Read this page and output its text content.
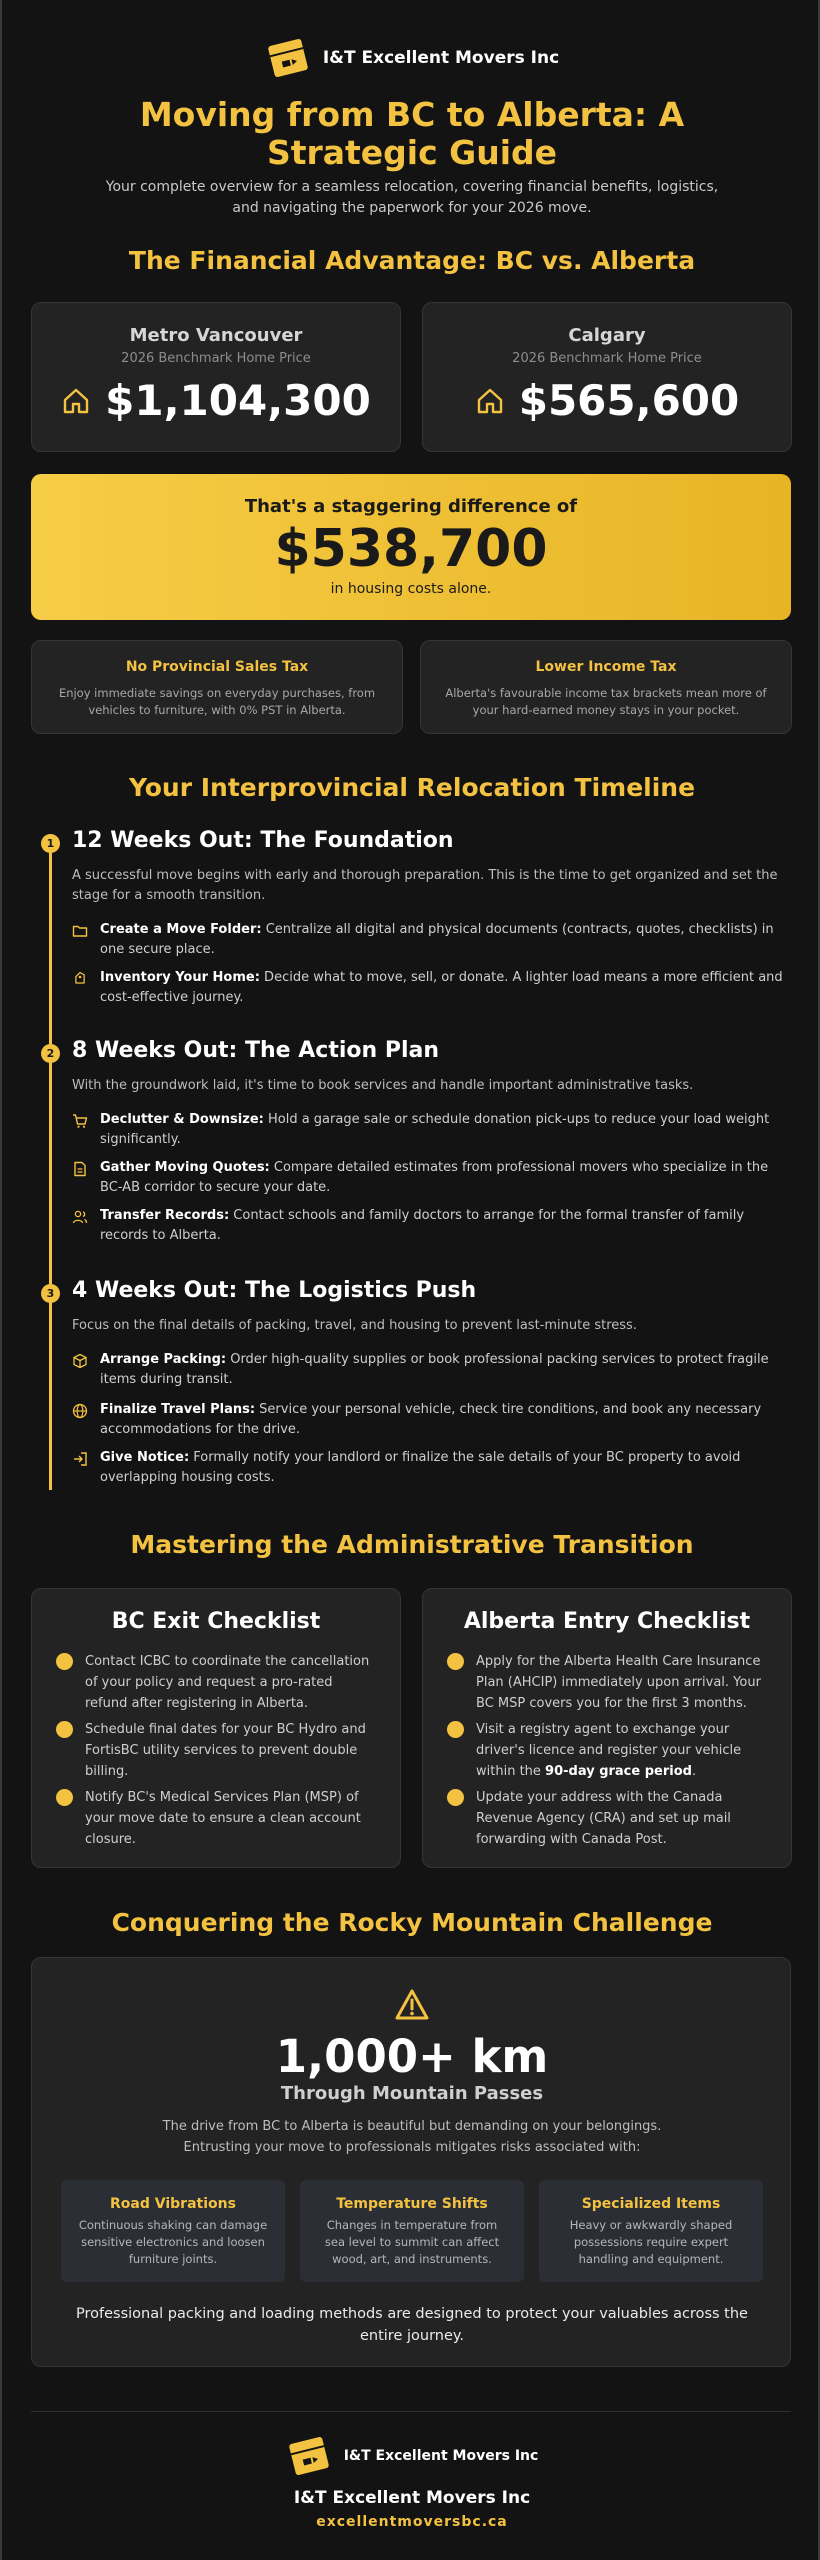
I&T Excellent Movers Inc
Moving from BC to Alberta: A Strategic Guide

Your complete overview for a seamless relocation, covering financial benefits, logistics, and navigating the paperwork for your 2026 move.

The Financial Advantage: BC vs. Alberta
Metro Vancouver
2026 Benchmark Home Price
$1,104,300
Calgary
2026 Benchmark Home Price
$565,600
That's a staggering difference of
$538,700
in housing costs alone.
No Provincial Sales Tax
Enjoy immediate savings on everyday purchases, from vehicles to furniture, with 0% PST in Alberta.
Lower Income Tax
Alberta's favourable income tax brackets mean more of your hard-earned money stays in your pocket.
Your Interprovincial Relocation Timeline
1 12 Weeks Out: The Foundation
A successful move begins with early and thorough preparation. This is the time to get organized and set the stage for a smooth transition.
Create a Move Folder: Centralize all digital and physical documents (contracts, quotes, checklists) in one secure place.
Inventory Your Home: Decide what to move, sell, or donate. A lighter load means a more efficient and cost-effective journey.
2 8 Weeks Out: The Action Plan
With the groundwork laid, it's time to book services and handle important administrative tasks.
Declutter & Downsize: Hold a garage sale or schedule donation pick-ups to reduce your load weight significantly.
Gather Moving Quotes: Compare detailed estimates from professional movers who specialize in the BC-AB corridor to secure your date.
Transfer Records: Contact schools and family doctors to arrange for the formal transfer of family records to Alberta.
3 4 Weeks Out: The Logistics Push
Focus on the final details of packing, travel, and housing to prevent last-minute stress.
Arrange Packing: Order high-quality supplies or book professional packing services to protect fragile items during transit.
Finalize Travel Plans: Service your personal vehicle, check tire conditions, and book any necessary accommodations for the drive.
Give Notice: Formally notify your landlord or finalize the sale details of your BC property to avoid overlapping housing costs.
Mastering the Administrative Transition
BC Exit Checklist
Contact ICBC to coordinate the cancellation of your policy and request a pro-rated refund after registering in Alberta.
Schedule final dates for your BC Hydro and FortisBC utility services to prevent double billing.
Notify BC's Medical Services Plan (MSP) of your move date to ensure a clean account closure.
Alberta Entry Checklist
Apply for the Alberta Health Care Insurance Plan (AHCIP) immediately upon arrival. Your BC MSP covers you for the first 3 months.
Visit a registry agent to exchange your driver's licence and register your vehicle within the 90-day grace period.
Update your address with the Canada Revenue Agency (CRA) and set up mail forwarding with Canada Post.
Conquering the Rocky Mountain Challenge
1,000+ km
Through Mountain Passes
The drive from BC to Alberta is beautiful but demanding on your belongings. Entrusting your move to professionals mitigates risks associated with:
Road Vibrations
Continuous shaking can damage sensitive electronics and loosen furniture joints.
Temperature Shifts
Changes in temperature from sea level to summit can affect wood, art, and instruments.
Specialized Items
Heavy or awkwardly shaped possessions require expert handling and equipment.
Professional packing and loading methods are designed to protect your valuables across the entire journey.
I&T Excellent Movers Inc
I&T Excellent Movers Inc
excellentmoversbc.ca
